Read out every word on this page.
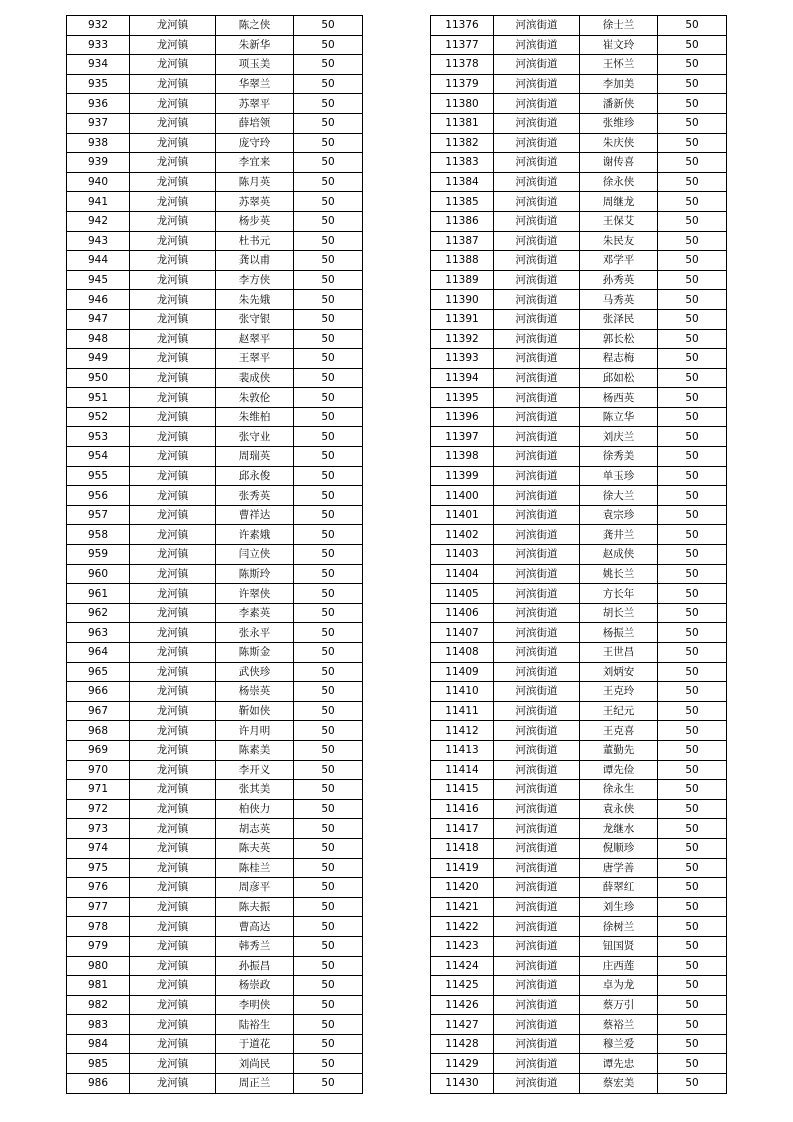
932	龙河镇	陈之侠	50
933	龙河镇	朱新华	50
934	龙河镇	项玉美	50
935	龙河镇	华翠兰	50
936	龙河镇	苏翠平	50
937	龙河镇	薛培领	50
938	龙河镇	庞守玲	50
939	龙河镇	李宜来	50
940	龙河镇	陈月英	50
941	龙河镇	苏翠英	50
942	龙河镇	杨步英	50
943	龙河镇	杜书元	50
944	龙河镇	龚以甫	50
945	龙河镇	李方侠	50
946	龙河镇	朱先娥	50
947	龙河镇	张守银	50
948	龙河镇	赵翠平	50
949	龙河镇	王翠平	50
950	龙河镇	裴成侠	50
951	龙河镇	朱敦伦	50
952	龙河镇	朱维柏	50
953	龙河镇	张守业	50
954	龙河镇	周瑞英	50
955	龙河镇	邱永俊	50
956	龙河镇	张秀英	50
957	龙河镇	曹祥达	50
958	龙河镇	许素娥	50
959	龙河镇	闫立侠	50
960	龙河镇	陈斯玲	50
961	龙河镇	许翠侠	50
962	龙河镇	李素英	50
963	龙河镇	张永平	50
964	龙河镇	陈斯金	50
965	龙河镇	武侠珍	50
966	龙河镇	杨崇英	50
967	龙河镇	靳如侠	50
968	龙河镇	许月明	50
969	龙河镇	陈素美	50
970	龙河镇	李开义	50
971	龙河镇	张其美	50
972	龙河镇	柏侠力	50
973	龙河镇	胡志英	50
974	龙河镇	陈夫英	50
975	龙河镇	陈桂兰	50
976	龙河镇	周彦平	50
977	龙河镇	陈夫振	50
978	龙河镇	曹高达	50
979	龙河镇	韩秀兰	50
980	龙河镇	孙振昌	50
981	龙河镇	杨崇政	50
982	龙河镇	李明侠	50
983	龙河镇	陆裕生	50
984	龙河镇	于道花	50
985	龙河镇	刘尚民	50
986	龙河镇	周正兰	50
11376	河滨街道	徐士兰	50
11377	河滨街道	崔文玲	50
11378	河滨街道	王怀兰	50
11379	河滨街道	李加美	50
11380	河滨街道	潘新侠	50
11381	河滨街道	张维珍	50
11382	河滨街道	朱庆侠	50
11383	河滨街道	谢传喜	50
11384	河滨街道	徐永侠	50
11385	河滨街道	周继龙	50
11386	河滨街道	王保艾	50
11387	河滨街道	朱民友	50
11388	河滨街道	邓学平	50
11389	河滨街道	孙秀英	50
11390	河滨街道	马秀英	50
11391	河滨街道	张泽民	50
11392	河滨街道	郭长松	50
11393	河滨街道	程志梅	50
11394	河滨街道	邱如松	50
11395	河滨街道	杨西英	50
11396	河滨街道	陈立华	50
11397	河滨街道	刘庆兰	50
11398	河滨街道	徐秀美	50
11399	河滨街道	单玉珍	50
11400	河滨街道	徐大兰	50
11401	河滨街道	袁宗珍	50
11402	河滨街道	龚井兰	50
11403	河滨街道	赵成侠	50
11404	河滨街道	姚长兰	50
11405	河滨街道	方长年	50
11406	河滨街道	胡长兰	50
11407	河滨街道	杨振兰	50
11408	河滨街道	王世昌	50
11409	河滨街道	刘炳安	50
11410	河滨街道	王克玲	50
11411	河滨街道	王纪元	50
11412	河滨街道	王克喜	50
11413	河滨街道	董勤先	50
11414	河滨街道	谭先俭	50
11415	河滨街道	徐永生	50
11416	河滨街道	袁永侠	50
11417	河滨街道	龙继水	50
11418	河滨街道	倪顺珍	50
11419	河滨街道	唐学善	50
11420	河滨街道	薛翠红	50
11421	河滨街道	刘生珍	50
11422	河滨街道	徐树兰	50
11423	河滨街道	钮国贤	50
11424	河滨街道	庄西莲	50
11425	河滨街道	卓为龙	50
11426	河滨街道	蔡万引	50
11427	河滨街道	蔡裕兰	50
11428	河滨街道	穆兰爱	50
11429	河滨街道	谭先忠	50
11430	河滨街道	蔡宏美	50
